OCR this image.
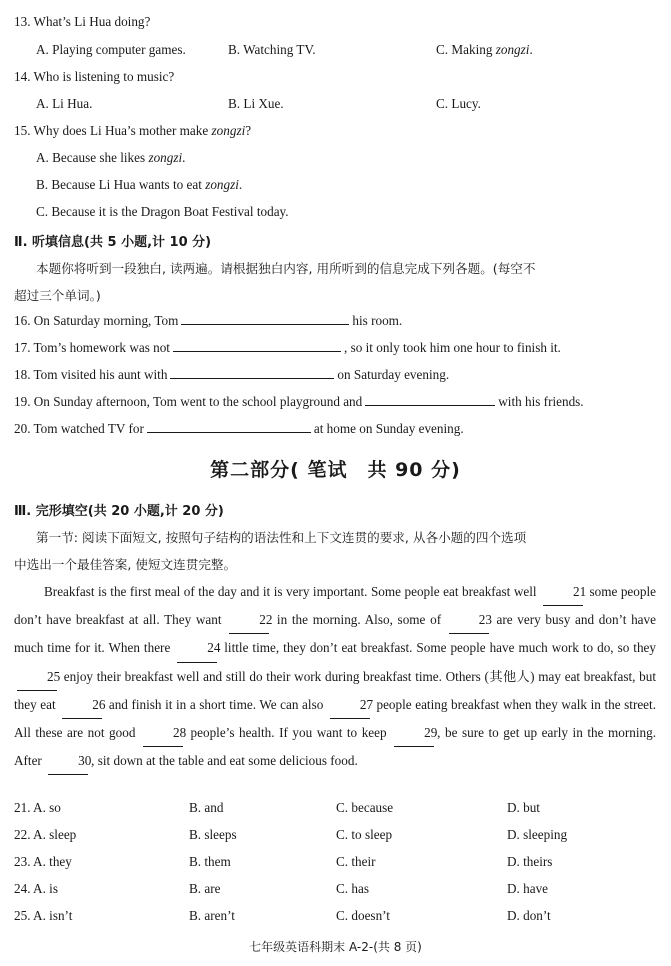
13. What’s Li Hua doing?
A. Playing computer games.	B. Watching TV.	C. Making zongzi.
14. Who is listening to music?
A. Li Hua.	B. Li Xue.	C. Lucy.
15. Why does Li Hua’s mother make zongzi?
A. Because she likes zongzi.
B. Because Li Hua wants to eat zongzi.
C. Because it is the Dragon Boat Festival today.
Ⅱ. 听填信息(共 5 小题,计 10 分)
本题你将听到一段独白, 读两遍。请根据独白内容, 用所听到的信息完成下列各题。(每空不
超过三个单词。)
16. On Saturday morning, Tom	his room.
17. Tom’s homework was not	, so it only took him one hour to finish it.
18. Tom visited his aunt with	on Saturday evening.
19. On Sunday afternoon, Tom went to the school playground and	with his friends.
20. Tom watched TV for	at home on Sunday evening.
第二部分( 笔试　共 90 分)
Ⅲ. 完形填空(共 20 小题,计 20 分)
第一节: 阅读下面短文, 按照句子结构的语法性和上下文连贯的要求, 从各小题的四个选项
中选出一个最佳答案, 使短文连贯完整。
Breakfast is the first meal of the day and it is very important. Some people eat breakfast well	21 some people don’t have breakfast at all. They want	22 in the morning. Also, some of	23 are very busy and don’t have much time for it. When there	24 little time, they don’t eat breakfast. Some people have much work to do, so they 25 enjoy their breakfast well and still do their work during breakfast time. Others (其他人) may eat breakfast, but they eat	26 and finish it in a short time. We can also	27 people eating breakfast when they walk in the street. All these are not good	28 people’s health. If you want to keep	29, be sure to get up early in the morning. After	30, sit down at the table and eat some delicious food.
21. A. so	B. and	C. because	D. but
22. A. sleep	B. sleeps	C. to sleep	D. sleeping
23. A. they	B. them	C. their	D. theirs
24. A. is	B. are	C. has	D. have
25. A. isn’t	B. aren’t	C. doesn’t	D. don’t
七年级英语科期末 A-2-(共 8 页)
